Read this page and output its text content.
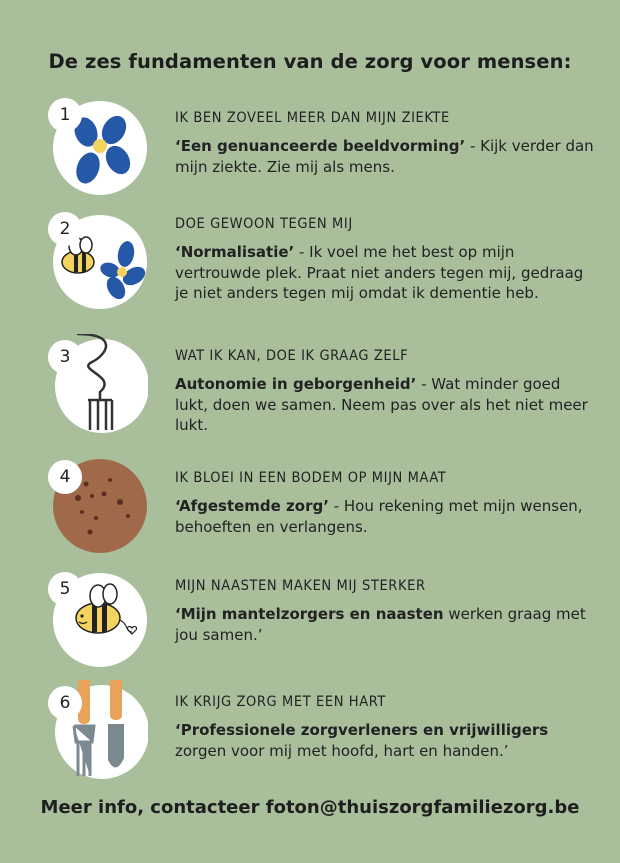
De zes fundamenten van de zorg voor mensen:
1	IK BEN ZOVEEL MEER DAN MIJN ZIEKTE
‘Een genuanceerde beeldvorming’ - Kijk verder dan mijn ziekte. Zie mij als mens.
2	DOE GEWOON TEGEN MIJ
‘Normalisatie’ - Ik voel me het best op mijn vertrouwde plek. Praat niet anders tegen mij, gedraag je niet anders tegen mij omdat ik dementie heb.
3	WAT IK KAN, DOE IK GRAAG ZELF
Autonomie in geborgenheid’ - Wat minder goed lukt, doen we samen. Neem pas over als het niet meer lukt.
4	IK BLOEI IN EEN BODEM OP MIJN MAAT
‘Afgestemde zorg’ - Hou rekening met mijn wensen, behoeften en verlangens.
5	MIJN NAASTEN MAKEN MIJ STERKER
‘Mijn mantelzorgers en naasten werken graag met jou samen.’
6	IK KRIJG ZORG MET EEN HART
‘Professionele zorgverleners en vrijwilligers zorgen voor mij met hoofd, hart en handen.’
Meer info, contacteer foton@thuiszorgfamiliezorg.be
